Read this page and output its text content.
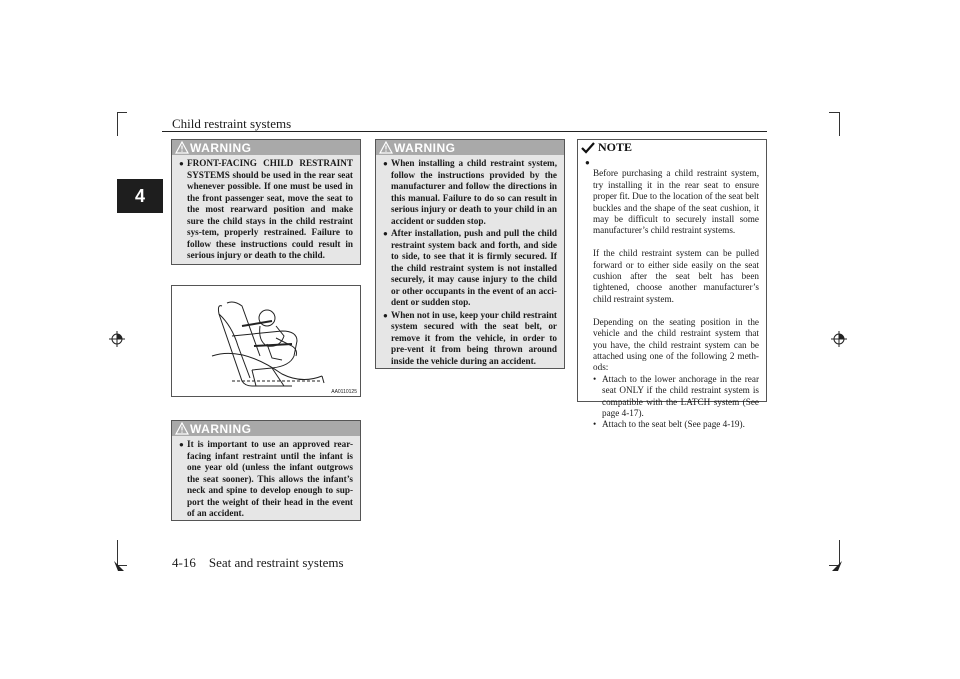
Child restraint systems
4
WARNING
● FRONT-FACING CHILD RESTRAINT SYSTEMS should be used in the rear seat whenever possible. If one must be used in the front passenger seat, move the seat to the most rearward position and make sure the child stays in the child restraint sys-tem, properly restrained. Failure to follow these instructions could result in serious injury or death to the child.
AA0110125
WARNING
● It is important to use an approved rear-facing infant restraint until the infant is one year old (unless the infant outgrows the seat sooner). This allows the infant’s neck and spine to develop enough to sup-port the weight of their head in the event of an accident.
WARNING
● When installing a child restraint system, follow the instructions provided by the manufacturer and follow the directions in this manual. Failure to do so can result in serious injury or death to your child in an accident or sudden stop.
● After installation, push and pull the child restraint system back and forth, and side to side, to see that it is firmly secured. If the child restraint system is not installed securely, it may cause injury to the child or other occupants in the event of an acci-dent or sudden stop.
● When not in use, keep your child restraint system secured with the seat belt, or remove it from the vehicle, in order to pre-vent it from being thrown around inside the vehicle during an accident.
NOTE
●

Before purchasing a child restraint system, try installing it in the rear seat to ensure proper fit. Due to the location of the seat belt buckles and the shape of the seat cushion, it may be difficult to securely install some manufacturer’s child restraint systems.

If the child restraint system can be pulled forward or to either side easily on the seat cushion after the seat belt has been tightened, choose another manufacturer’s child restraint system.

Depending on the seating position in the vehicle and the child restraint system that you have, the child restraint system can be attached using one of the following 2 meth-ods:

• Attach to the lower anchorage in the rear seat ONLY if the child restraint system is compatible with the LATCH system (See page 4-17).
• Attach to the seat belt (See page 4-19).
4-16 Seat and restraint systems
